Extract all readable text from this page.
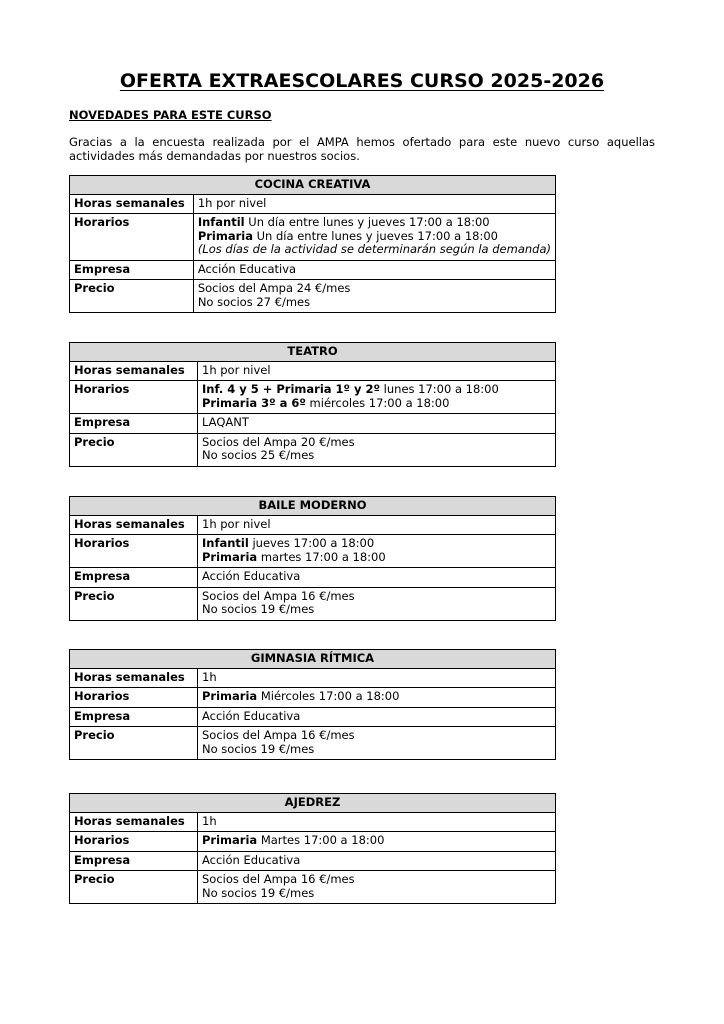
OFERTA EXTRAESCOLARES CURSO 2025-2026
NOVEDADES PARA ESTE CURSO

Gracias a la encuesta realizada por el AMPA hemos ofertado para este nuevo curso aquellas actividades más demandadas por nuestros socios.

COCINA CREATIVA	
Horas semanales	1h por nivel
Horarios	Infantil Un día entre lunes y jueves 17:00 a 18:00
Primaria Un día entre lunes y jueves 17:00 a 18:00
(Los días de la actividad se determinarán según la demanda)

Empresa	Acción Educativa
Precio	Socios del Ampa 24 €/mes
No socios 27 €/mes
TEATRO	
Horas semanales	1h por nivel
Horarios	Inf. 4 y 5 + Primaria 1º y 2º lunes 17:00 a 18:00
Primaria 3º a 6º miércoles 17:00 a 18:00

Empresa	LAQANT
Precio	Socios del Ampa 20 €/mes
No socios 25 €/mes
BAILE MODERNO	
Horas semanales	1h por nivel
Horarios	Infantil jueves 17:00 a 18:00
Primaria martes 17:00 a 18:00

Empresa	Acción Educativa
Precio	Socios del Ampa 16 €/mes
No socios 19 €/mes
GIMNASIA RÍTMICA	
Horas semanales	1h
Horarios	Primaria Miércoles 17:00 a 18:00

Empresa	Acción Educativa
Precio	Socios del Ampa 16 €/mes
No socios 19 €/mes
AJEDREZ	
Horas semanales	1h
Horarios	Primaria Martes 17:00 a 18:00

Empresa	Acción Educativa
Precio	Socios del Ampa 16 €/mes
No socios 19 €/mes
